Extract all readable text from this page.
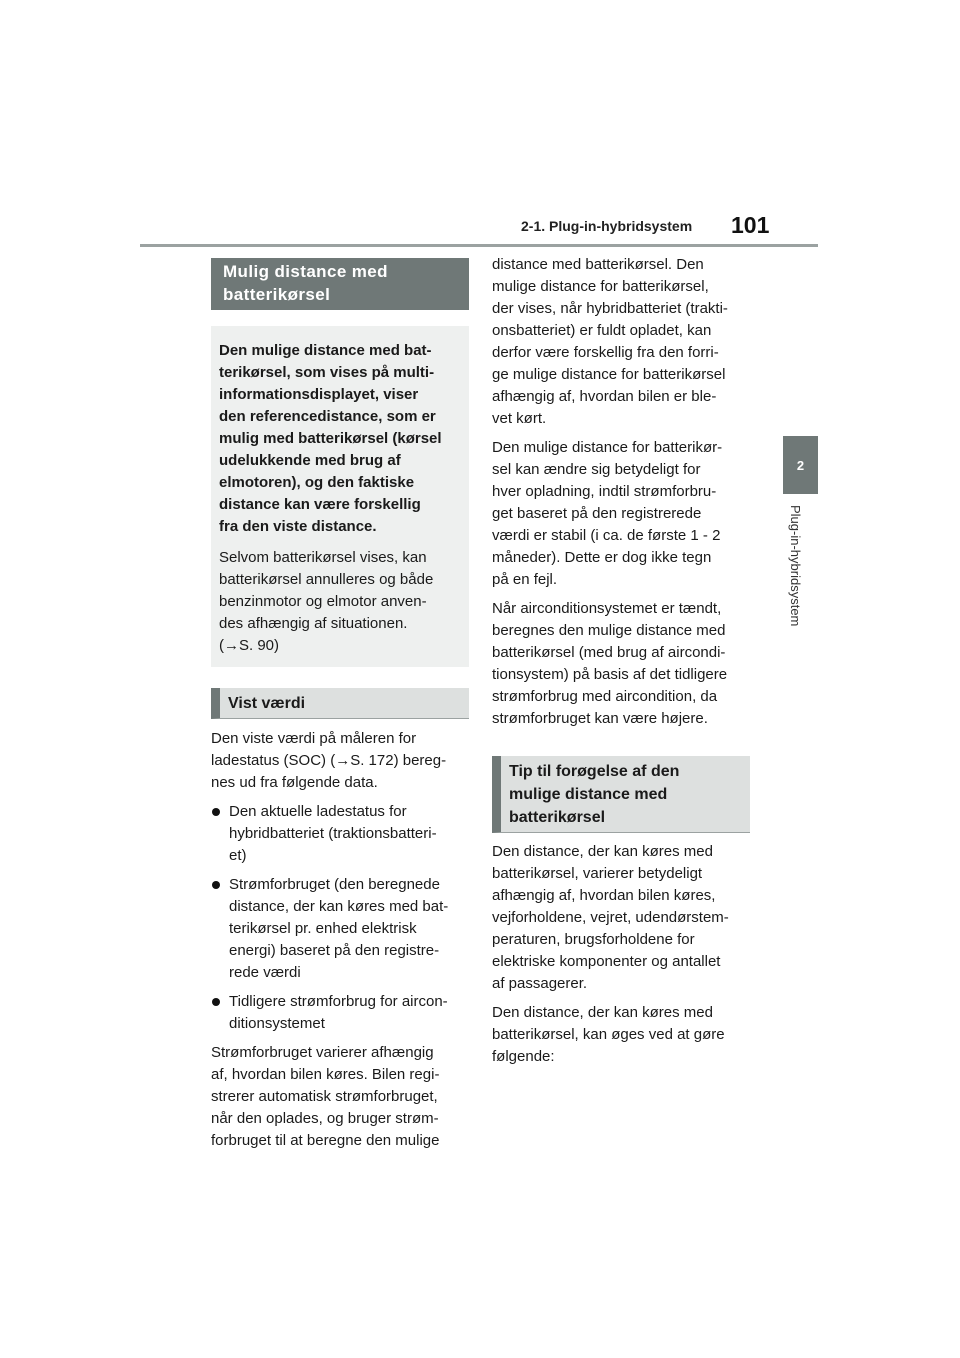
2-1. Plug-in-hybridsystem 101
2
Plug-in-hybridsystem
Mulig distance med
batterikørsel
Den mulige distance med bat-
terikørsel, som vises på multi-
informationsdisplayet, viser
den referencedistance, som er
mulig med batterikørsel (kørsel
udelukkende med brug af
elmotoren), og den faktiske
distance kan være forskellig
fra den viste distance.
Selvom batterikørsel vises, kan
batterikørsel annulleres og både
benzinmotor og elmotor anven-
des afhængig af situationen.
(→S. 90)
Vist værdi

Den viste værdi på måleren for
ladestatus (SOC) (→S. 172) bereg-
nes ud fra følgende data.

Den aktuelle ladestatus for
hybridbatteriet (traktionsbatteri-
et)
Strømforbruget (den beregnede
distance, der kan køres med bat-
terikørsel pr. enhed elektrisk
energi) baseret på den registre-
rede værdi
Tidligere strømforbrug for aircon-
ditionsystemet

Strømforbruget varierer afhængig
af, hvordan bilen køres. Bilen regi-
strerer automatisk strømforbruget,
når den oplades, og bruger strøm-
forbruget til at beregne den mulige

distance med batterikørsel. Den
mulige distance for batterikørsel,
der vises, når hybridbatteriet (trakti-
onsbatteriet) er fuldt opladet, kan
derfor være forskellig fra den forri-
ge mulige distance for batterikørsel
afhængig af, hvordan bilen er ble-
vet kørt.

Den mulige distance for batterikør-
sel kan ændre sig betydeligt for
hver opladning, indtil strømforbru-
get baseret på den registrerede
værdi er stabil (i ca. de første 1 - 2
måneder). Dette er dog ikke tegn
på en fejl.

Når airconditionsystemet er tændt,
beregnes den mulige distance med
batterikørsel (med brug af aircondi-
tionsystem) på basis af det tidligere
strømforbrug med aircondition, da
strømforbruget kan være højere.

Tip til forøgelse af den
mulige distance med
batterikørsel

Den distance, der kan køres med
batterikørsel, varierer betydeligt
afhængig af, hvordan bilen køres,
vejforholdene, vejret, udendørstem-
peraturen, brugsforholdene for
elektriske komponenter og antallet
af passagerer.

Den distance, der kan køres med
batterikørsel, kan øges ved at gøre
følgende:
